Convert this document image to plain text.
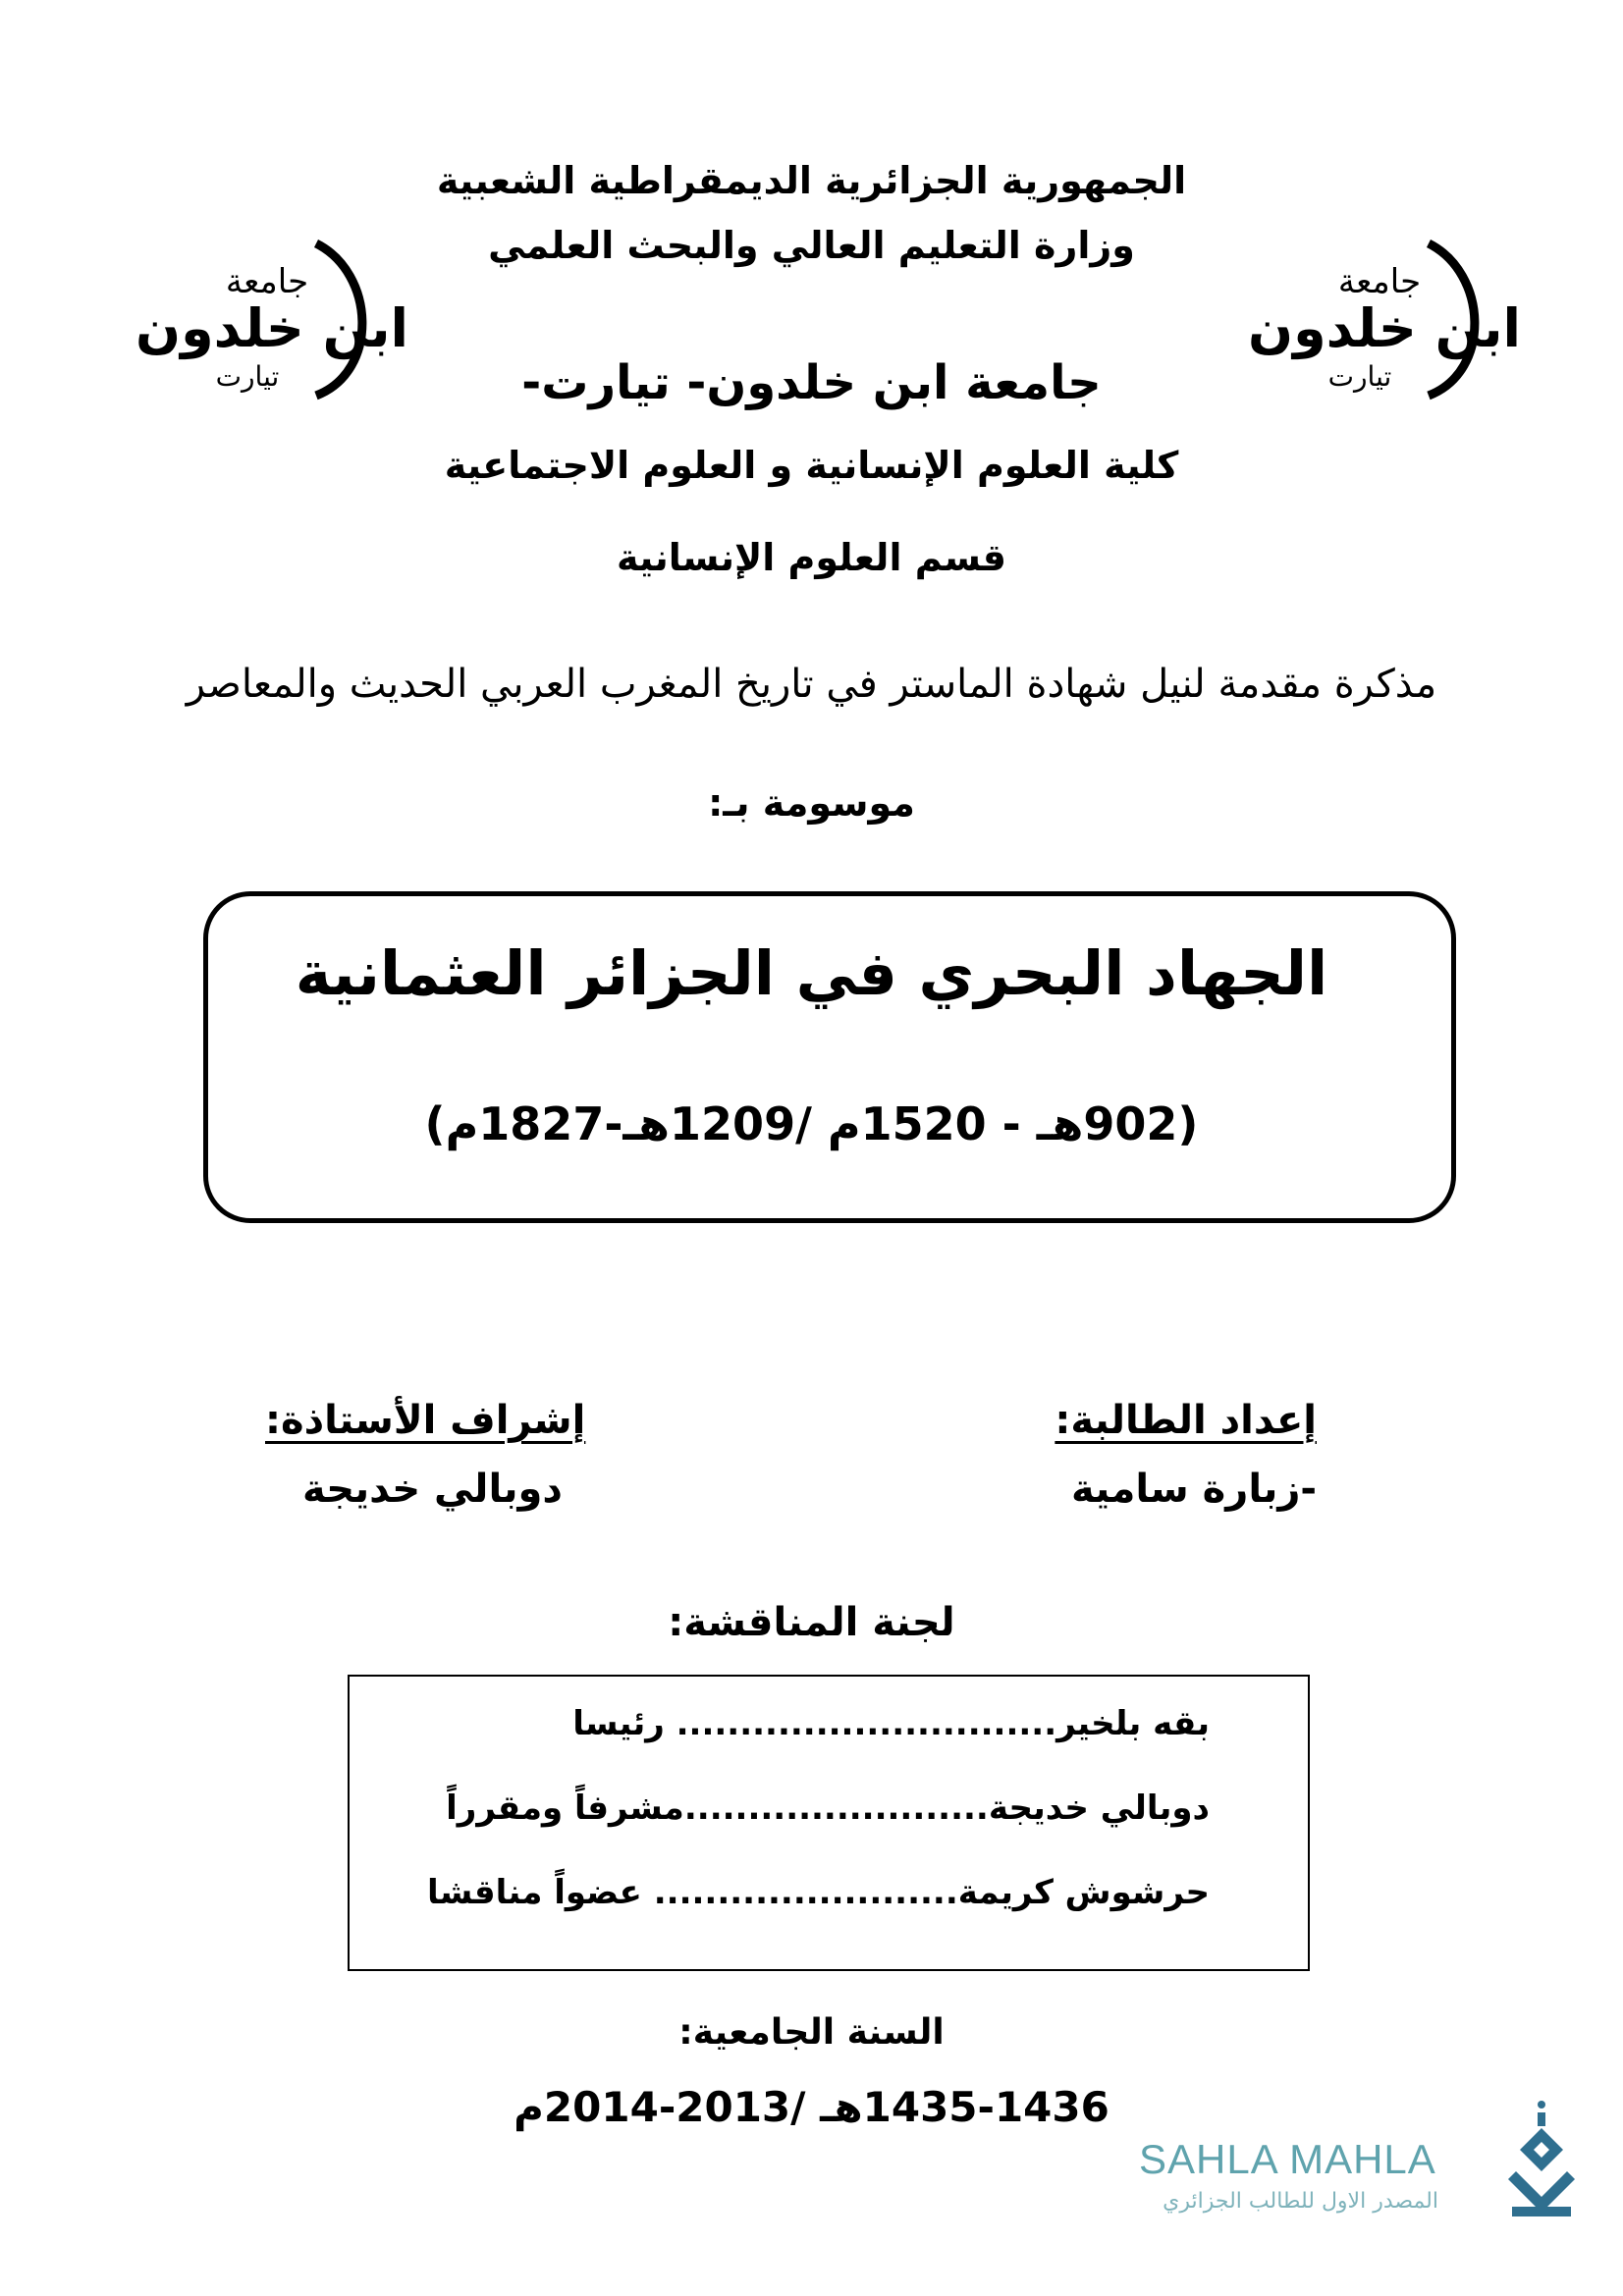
جامعة
ابن خلدون
تيارت
جامعة
ابن خلدون
تيارت
الجمهورية الجزائرية الديمقراطية الشعبية
وزارة التعليم العالي والبحث العلمي
جامعة ابن خلدون- تيارت-
كلية العلوم الإنسانية و العلوم الاجتماعية
قسم العلوم الإنسانية
مذكرة مقدمة لنيل شهادة الماستر في تاريخ المغرب العربي الحديث والمعاصر
موسومة بـ:
الجهاد البحري في الجزائر العثمانية
(902هـ - 1520م /1209هـ-1827م)
إعداد الطالبة:
-زبارة سامية
إشراف الأستاذة:
دوبالي خديجة
لجنة المناقشة:
بقه بلخير.............................. رئيسا
دوبالي خديجة........................مشرفاً ومقرراً
حرشوش كريمة........................ عضواً مناقشا
السنة الجامعية:
1435-1436هـ /2013-2014م
SAHLA MAHLA
المصدر الاول للطالب الجزائري
